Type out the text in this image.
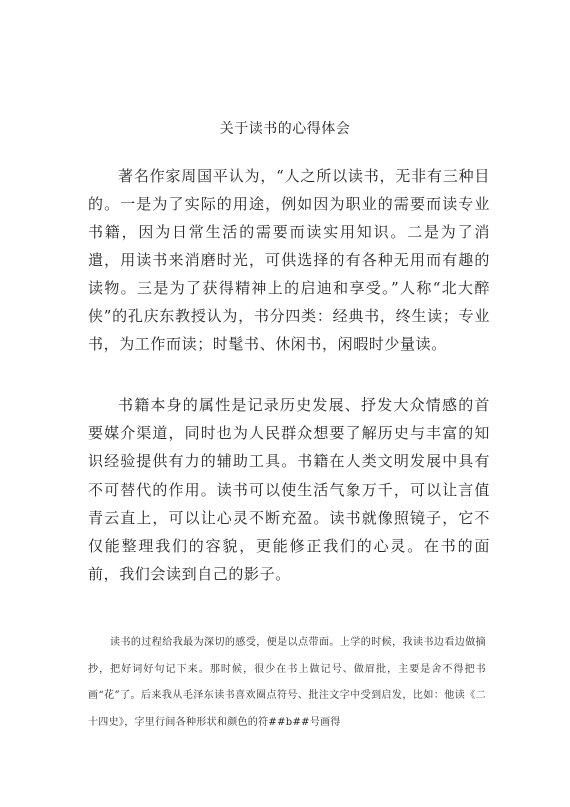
关于读书的心得体会

著名作家周国平认为，“人之所以读书，无非有三种目的。一是为了实际的用途，例如因为职业的需要而读专业书籍，因为日常生活的需要而读实用知识。二是为了消遣，用读书来消磨时光，可供选择的有各种无用而有趣的读物。三是为了获得精神上的启迪和享受。”人称“北大醉侠”的孔庆东教授认为，书分四类：经典书，终生读；专业书，为工作而读；时髦书、休闲书，闲暇时少量读。

书籍本身的属性是记录历史发展、抒发大众情感的首要媒介渠道，同时也为人民群众想要了解历史与丰富的知识经验提供有力的辅助工具。书籍在人类文明发展中具有不可替代的作用。读书可以使生活气象万千，可以让言值青云直上，可以让心灵不断充盈。读书就像照镜子，它不仅能整理我们的容貌，更能修正我们的心灵。在书的面前，我们会读到自己的影子。

读书的过程给我最为深切的感受，便是以点带面。上学的时候，我读书边看边做摘抄，把好词好句记下来。那时候，很少在书上做记号、做眉批，主要是舍不得把书画“花”了。后来我从毛泽东读书喜欢圈点符号、批注文字中受到启发，比如：他读《二十四史》，字里行间各种形状和颜色的符##b##号画得
